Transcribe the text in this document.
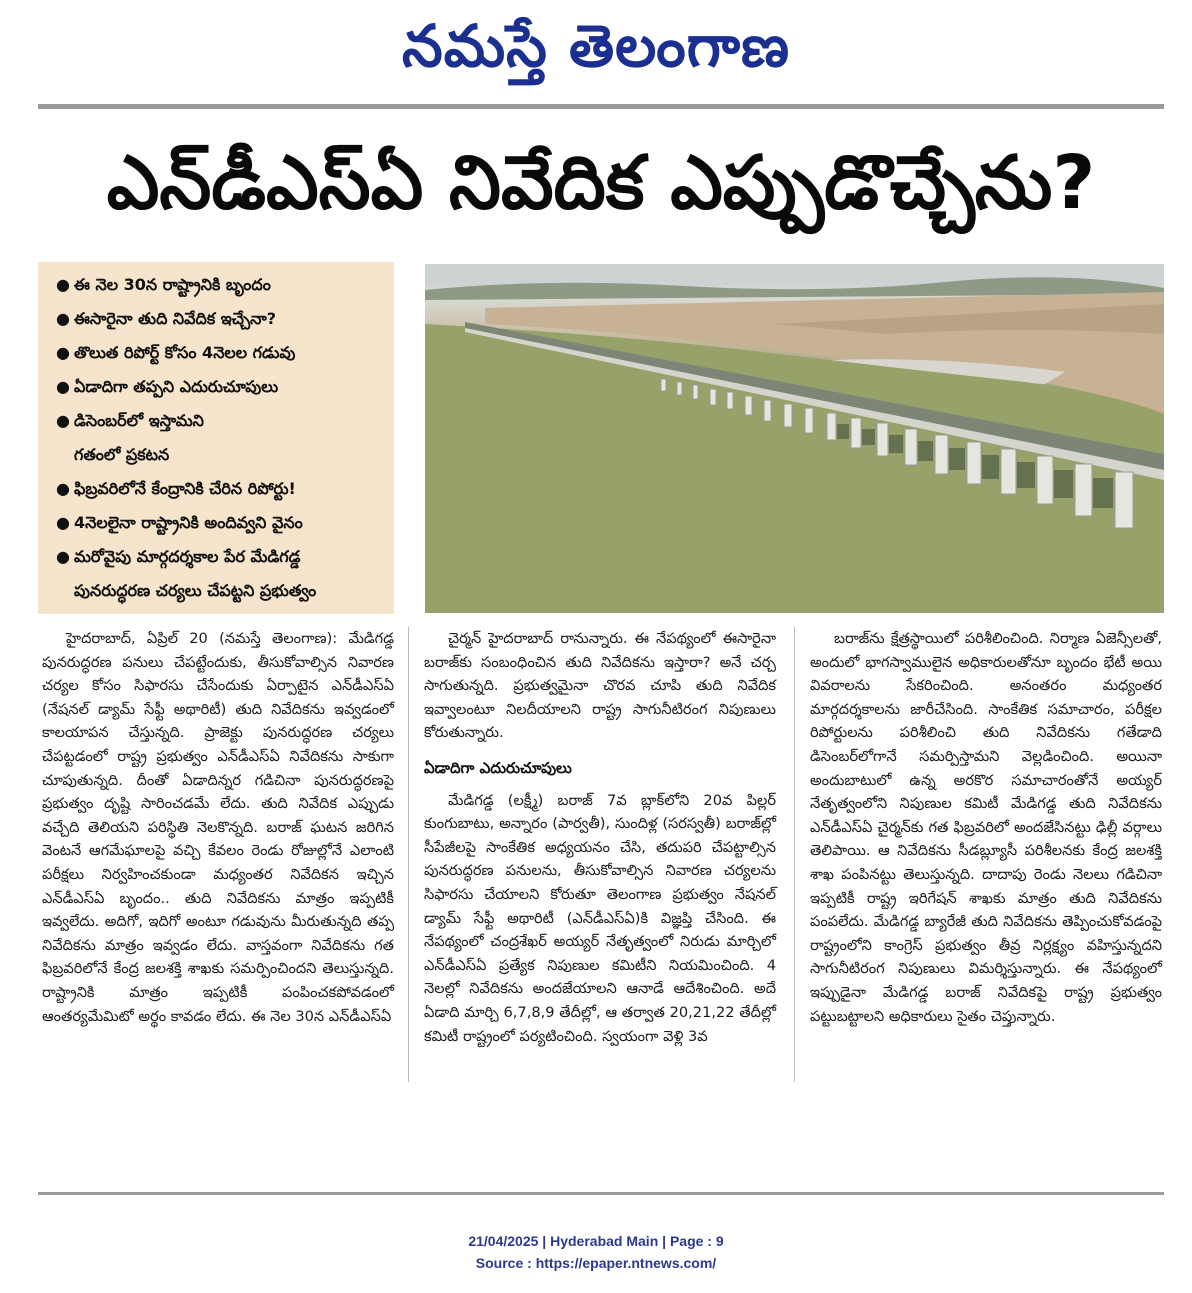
నమస్తే తెలంగాణ
ఎన్‌డీఎస్‌ఏ నివేదిక ఎప్పుడొచ్చేను?
● ఈ నెల 30న రాష్ట్రానికి బృందం
● ఈసారైనా తుది నివేదిక ఇచ్చేనా?
● తొలుత రిపోర్ట్‌ కోసం 4నెలల గడువు
● ఏడాదిగా తప్పని ఎదురుచూపులు
● డిసెంబర్‌లో ఇస్తామని
గతంలో ప్రకటన
● ఫిబ్రవరిలోనే కేంద్రానికి చేరిన రిపోర్టు!
● 4నెలలైనా రాష్ట్రానికి అందివ్వని వైనం
● మరోవైపు మార్గదర్శకాల పేర మేడిగడ్డ
పునరుద్ధరణ చర్యలు చేపట్టని ప్రభుత్వం

హైదరాబాద్‌, ఏప్రిల్‌ 20 (నమస్తే తెలంగాణ): మేడిగడ్డ పునరుద్ధరణ పనులు చేపట్టేందుకు, తీసుకోవాల్సిన నివారణ చర్యల కోసం సిఫారసు చేసేందుకు ఏర్పాటైన ఎన్‌డీఎస్‌ఏ (నేషనల్‌ డ్యామ్‌ సేఫ్టీ అథారిటీ) తుది నివేదికను ఇవ్వడంలో కాలయాపన చేస్తున్నది. ప్రాజెక్టు పునరుద్ధరణ చర్యలు చేపట్టడంలో రాష్ట్ర ప్రభుత్వం ఎన్‌డీఎస్‌ఏ నివేదికను సాకుగా చూపుతున్నది. దీంతో ఏడాదిన్నర గడిచినా పునరుద్ధరణపై ప్రభుత్వం దృష్టి సారించడమే లేదు. తుది నివేదిక ఎప్పుడు వచ్చేది తెలియని పరిస్థితి నెలకొన్నది. బరాజ్‌ ఘటన జరిగిన వెంటనే ఆగమేఘాలపై వచ్చి కేవలం రెండు రోజుల్లోనే ఎలాంటి పరీక్షలు నిర్వహించకుండా మధ్యంతర నివేదికన ఇచ్చిన ఎన్‌డీఎస్‌ఏ బృందం.. తుది నివేదికను మాత్రం ఇప్పటికీ ఇవ్వలేదు. అదిగో, ఇదిగో అంటూ గడువును మీరుతున్నది తప్ప నివేదికను మాత్రం ఇవ్వడం లేదు. వాస్తవంగా నివేదికను గత ఫిబ్రవరిలోనే కేంద్ర జలశక్తి శాఖకు సమర్పించిందని తెలుస్తున్నది. రాష్ట్రానికి మాత్రం ఇప్పటికీ పంపించకపోవడంలో ఆంతర్యమేమిటో అర్థం కావడం లేదు. ఈ నెల 30న ఎన్‌డీఎస్‌ఏ

చైర్మన్‌ హైదరాబాద్‌ రానున్నారు. ఈ నేపథ్యంలో ఈసారైనా బరాజ్‌కు సంబంధించిన తుది నివేదికను ఇస్తారా? అనే చర్చ సాగుతున్నది. ప్రభుత్వమైనా చొరవ చూపి తుది నివేదిక ఇవ్వాలంటూ నిలదీయాలని రాష్ట్ర సాగునీటిరంగ నిపుణులు కోరుతున్నారు.

ఏడాదిగా ఎదురుచూపులు

మేడిగడ్డ (లక్ష్మీ) బరాజ్‌ 7వ బ్లాక్‌లోని 20వ పిల్లర్‌ కుంగుబాటు, అన్నారం (పార్వతీ), సుందిళ్ల (సరస్వతీ) బరాజ్‌ల్లో సీపేజీలపై సాంకేతిక అధ్యయనం చేసి, తదుపరి చేపట్టాల్సిన పునరుద్ధరణ పనులను, తీసుకోవాల్సిన నివారణ చర్యలను సిఫారసు చేయాలని కోరుతూ తెలంగాణ ప్రభుత్వం నేషనల్‌ డ్యామ్‌ సేఫ్టీ అథారిటీ (ఎన్‌డీఎస్‌ఏ)కి విజ్ఞప్తి చేసింది. ఈ నేపథ్యంలో చంద్రశేఖర్‌ అయ్యర్‌ నేతృత్వంలో నిరుడు మార్చిలో ఎన్‌డీఎస్‌ఏ ప్రత్యేక నిపుణుల కమిటీని నియమించింది. 4 నెలల్లో నివేదికను అందజేయాలని ఆనాడే ఆదేశించింది. అదే ఏడాది మార్చి 6,7,8,9 తేదీల్లో, ఆ తర్వాత 20,21,22 తేదీల్లో కమిటీ రాష్ట్రంలో పర్యటించింది. స్వయంగా వెళ్లి 3వ

బరాజ్‌ను క్షేత్రస్థాయిలో పరిశీలించింది. నిర్మాణ ఏజెన్సీలతో, అందులో భాగస్వాములైన అధికారులతోనూ బృందం భేటీ అయి వివరాలను సేకరించింది. అనంతరం మధ్యంతర మార్గదర్శకాలను జారీచేసింది. సాంకేతిక సమాచారం, పరీక్షల రిపోర్టులను పరిశీలించి తుది నివేదికను గతేడాది డిసెంబర్‌లోగానే సమర్పిస్తామని వెల్లడించింది. అయినా అందుబాటులో ఉన్న అరకొర సమాచారంతోనే అయ్యర్‌ నేతృత్వంలోని నిపుణుల కమిటీ మేడిగడ్డ తుది నివేదికను ఎన్‌డీఎస్‌ఏ చైర్మన్‌కు గత ఫిబ్రవరిలో అందజేసినట్టు ఢిల్లీ వర్గాలు తెలిపాయి. ఆ నివేదికను సీడబ్ల్యూసీ పరిశీలనకు కేంద్ర జలశక్తి శాఖ పంపినట్టు తెలుస్తున్నది. దాదాపు రెండు నెలలు గడిచినా ఇప్పటికీ రాష్ట్ర ఇరిగేషన్‌ శాఖకు మాత్రం తుది నివేదికను పంపలేదు. మేడిగడ్డ బ్యారేజీ తుది నివేదికను తెప్పించుకోవడంపై రాష్ట్రంలోని కాంగ్రెస్‌ ప్రభుత్వం తీవ్ర నిర్లక్ష్యం వహిస్తున్నదని సాగునీటిరంగ నిపుణులు విమర్శిస్తున్నారు. ఈ నేపథ్యంలో ఇప్పుడైనా మేడిగడ్డ బరాజ్‌ నివేదికపై రాష్ట్ర ప్రభుత్వం పట్టుబట్టాలని అధికారులు సైతం చెప్తున్నారు.

21/04/2025 | Hyderabad Main | Page : 9
Source : https://epaper.ntnews.com/
